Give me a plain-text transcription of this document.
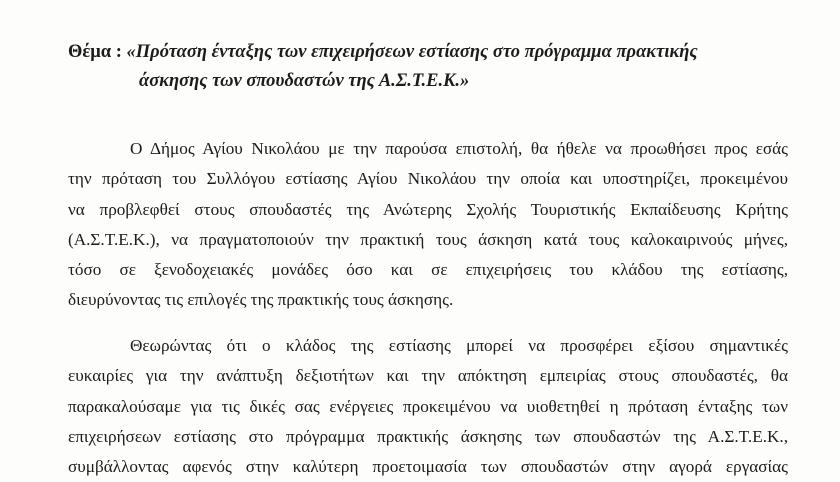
Θέμα : «Πρόταση ένταξης των επιχειρήσεων εστίασης στο πρόγραμμα πρακτικής
άσκησης των σπουδαστών της Α.Σ.Τ.Ε.Κ.»
Ο Δήμος Αγίου Νικολάου με την παρούσα επιστολή, θα ήθελε να προωθήσει προς εσάς
την πρόταση του Συλλόγου εστίασης Αγίου Νικολάου την οποία και υποστηρίζει, προκειμένου
να προβλεφθεί στους σπουδαστές της Ανώτερης Σχολής Τουριστικής Εκπαίδευσης Κρήτης
(Α.Σ.Τ.Ε.Κ.), να πραγματοποιούν την πρακτική τους άσκηση κατά τους καλοκαιρινούς μήνες,
τόσο σε ξενοδοχειακές μονάδες όσο και σε επιχειρήσεις του κλάδου της εστίασης,
διευρύνοντας τις επιλογές της πρακτικής τους άσκησης.
Θεωρώντας ότι ο κλάδος της εστίασης μπορεί να προσφέρει εξίσου σημαντικές
ευκαιρίες για την ανάπτυξη δεξιοτήτων και την απόκτηση εμπειρίας στους σπουδαστές, θα
παρακαλούσαμε για τις δικές σας ενέργειες προκειμένου να υιοθετηθεί η πρόταση ένταξης των
επιχειρήσεων εστίασης στο πρόγραμμα πρακτικής άσκησης των σπουδαστών της Α.Σ.Τ.Ε.Κ.,
συμβάλλοντας αφενός στην καλύτερη προετοιμασία των σπουδαστών στην αγορά εργασίας
